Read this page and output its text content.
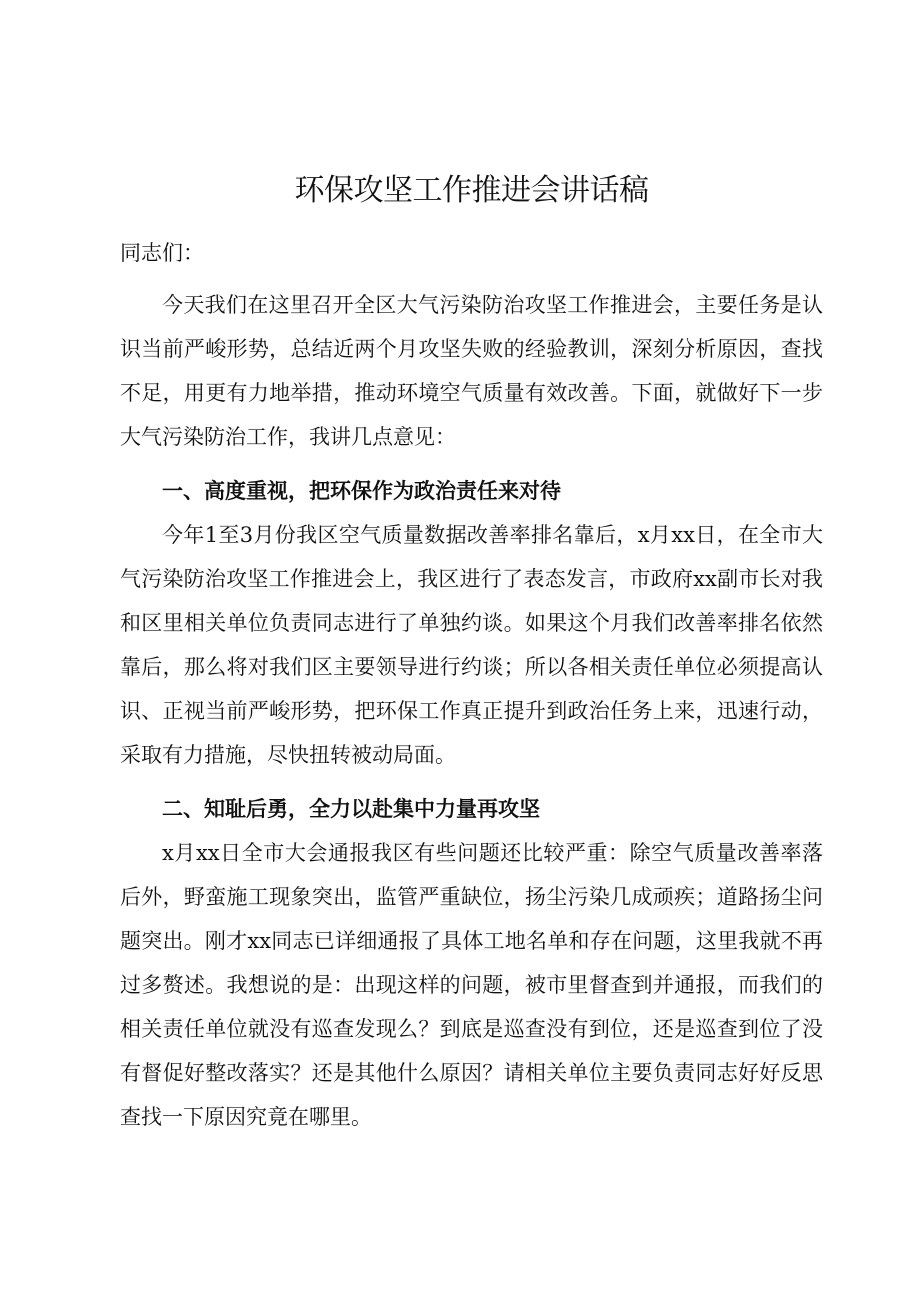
环保攻坚工作推进会讲话稿

同志们：

今天我们在这里召开全区大气污染防治攻坚工作推进会，主要任务是认识当前严峻形势，总结近两个月攻坚失败的经验教训，深刻分析原因，查找不足，用更有力地举措，推动环境空气质量有效改善。下面，就做好下一步大气污染防治工作，我讲几点意见：

一、高度重视，把环保作为政治责任来对待

今年1至3月份我区空气质量数据改善率排名靠后，x月xx日，在全市大气污染防治攻坚工作推进会上，我区进行了表态发言，市政府xx副市长对我和区里相关单位负责同志进行了单独约谈。如果这个月我们改善率排名依然靠后，那么将对我们区主要领导进行约谈；所以各相关责任单位必须提高认识、正视当前严峻形势，把环保工作真正提升到政治任务上来，迅速行动，采取有力措施，尽快扭转被动局面。

二、知耻后勇，全力以赴集中力量再攻坚

x月xx日全市大会通报我区有些问题还比较严重：除空气质量改善率落后外，野蛮施工现象突出，监管严重缺位，扬尘污染几成顽疾；道路扬尘问题突出。刚才xx同志已详细通报了具体工地名单和存在问题，这里我就不再过多赘述。我想说的是：出现这样的问题，被市里督查到并通报，而我们的相关责任单位就没有巡查发现么？到底是巡查没有到位，还是巡查到位了没有督促好整改落实？还是其他什么原因？请相关单位主要负责同志好好反思查找一下原因究竟在哪里。
